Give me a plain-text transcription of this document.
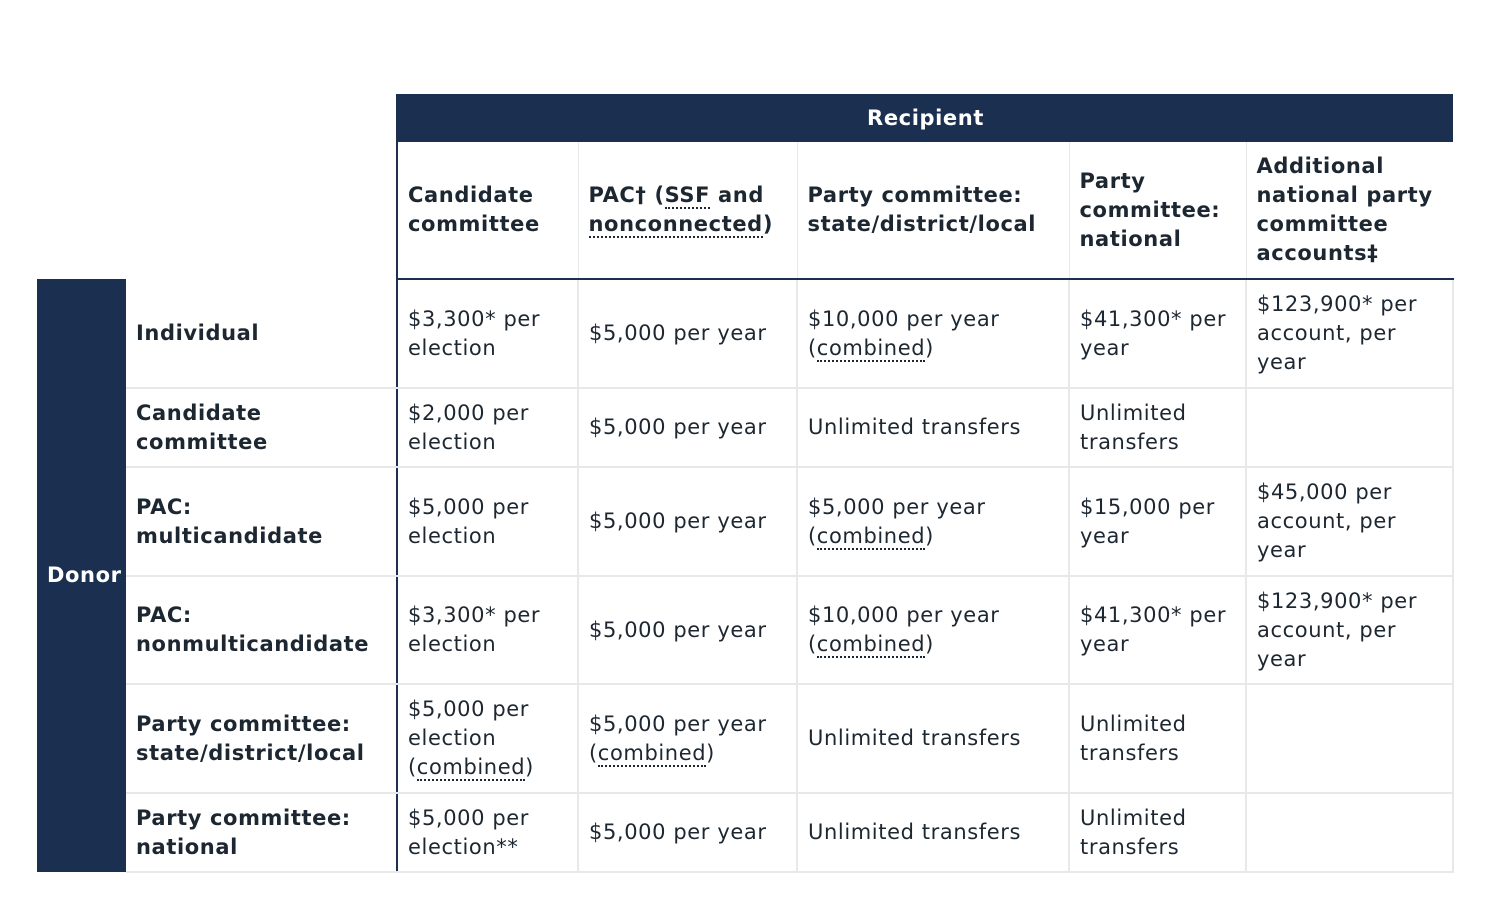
		Recipient				
		Candidate committee	PAC† (SSF and nonconnected)	Party committee: state/district/local	Party committee: national	Additional national party committee accounts‡
Donor	Individual	$3,300* per election	$5,000 per year	$10,000 per year (combined)	$41,300* per year	$123,900* per account, per year
	Candidate committee	$2,000 per election	$5,000 per year	Unlimited transfers	Unlimited transfers	
	PAC: multicandidate	$5,000 per election	$5,000 per year	$5,000 per year (combined)	$15,000 per year	$45,000 per account, per year
	PAC: nonmulticandidate	$3,300* per election	$5,000 per year	$10,000 per year (combined)	$41,300* per year	$123,900* per account, per year
	Party committee: state/district/local	$5,000 per election (combined)	$5,000 per year (combined)	Unlimited transfers	Unlimited transfers	
	Party committee: national	$5,000 per election**	$5,000 per year	Unlimited transfers	Unlimited transfers	
